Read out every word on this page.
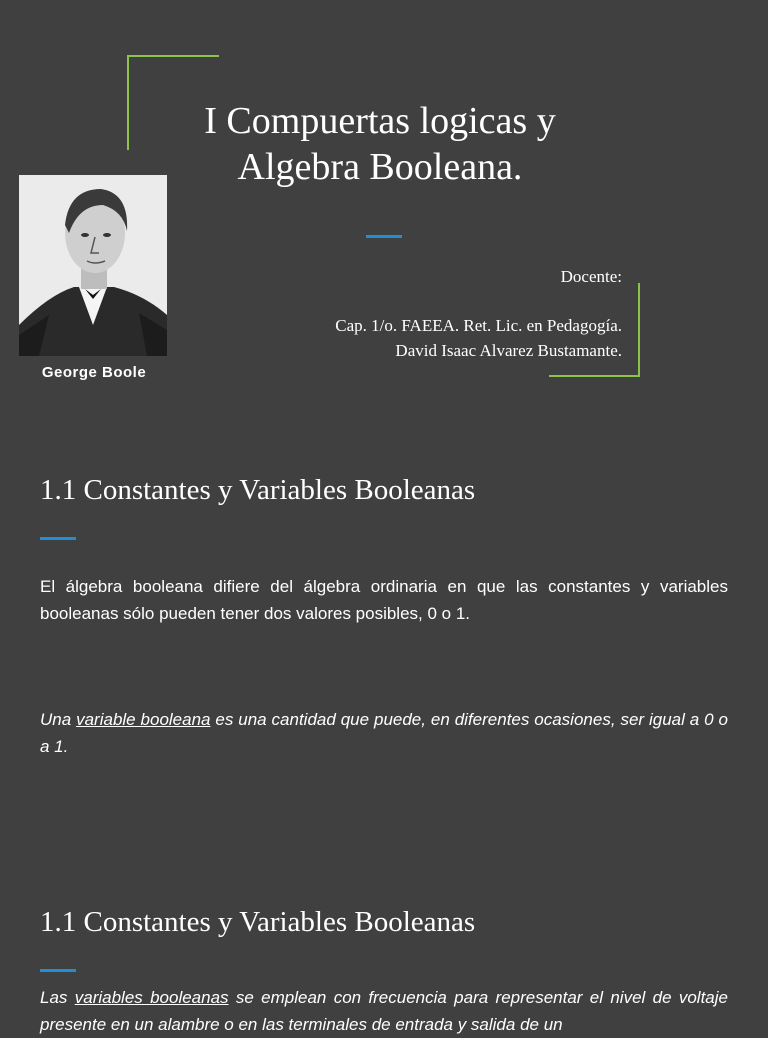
I Compuertas logicas y
Algebra Booleana.
George Boole
Docente:
Cap. 1/o. FAEEA. Ret. Lic. en Pedagogía.
David Isaac Alvarez Bustamante.
1.1 Constantes y Variables Booleanas
El álgebra booleana difiere del álgebra ordinaria en que las constantes y variables booleanas sólo pueden tener dos valores posibles, 0 o 1.
Una variable booleana es una cantidad que puede, en diferentes ocasiones, ser igual a 0 o a 1.
1.1 Constantes y Variables Booleanas
Las variables booleanas se emplean con frecuencia para representar el nivel de voltaje presente en un alambre o en las terminales de entrada y salida de un
